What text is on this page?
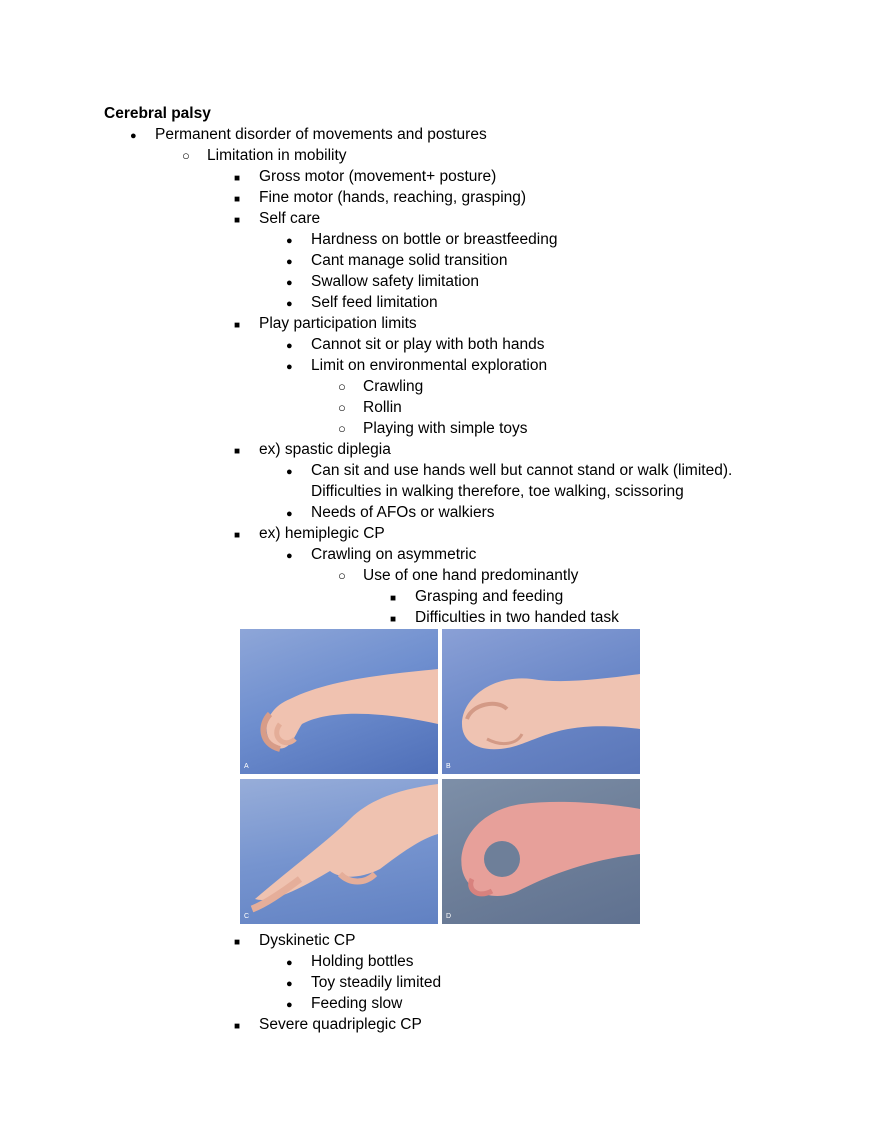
Cerebral palsy
●
Permanent disorder of movements and postures
○
Limitation in mobility
■
Gross motor (movement+ posture)
■
Fine motor (hands, reaching, grasping)
■
Self care
●
Hardness on bottle or breastfeeding
●
Cant manage solid transition
●
Swallow safety limitation
●
Self feed limitation
■
Play participation limits
●
Cannot sit or play with both hands
●
Limit on environmental exploration
○
Crawling
○
Rollin
○
Playing with simple toys
■
ex) spastic diplegia
●
Can sit and use hands well but cannot stand or walk (limited).
Difficulties in walking therefore, toe walking, scissoring
●
Needs of AFOs or walkiers
■
ex) hemiplegic CP
●
Crawling on asymmetric
○
Use of one hand predominantly
■
Grasping and feeding
■
Difficulties in two handed task
A	B
C	D
■
Dyskinetic CP
●
Holding bottles
●
Toy steadily limited
●
Feeding slow
■
Severe quadriplegic CP
